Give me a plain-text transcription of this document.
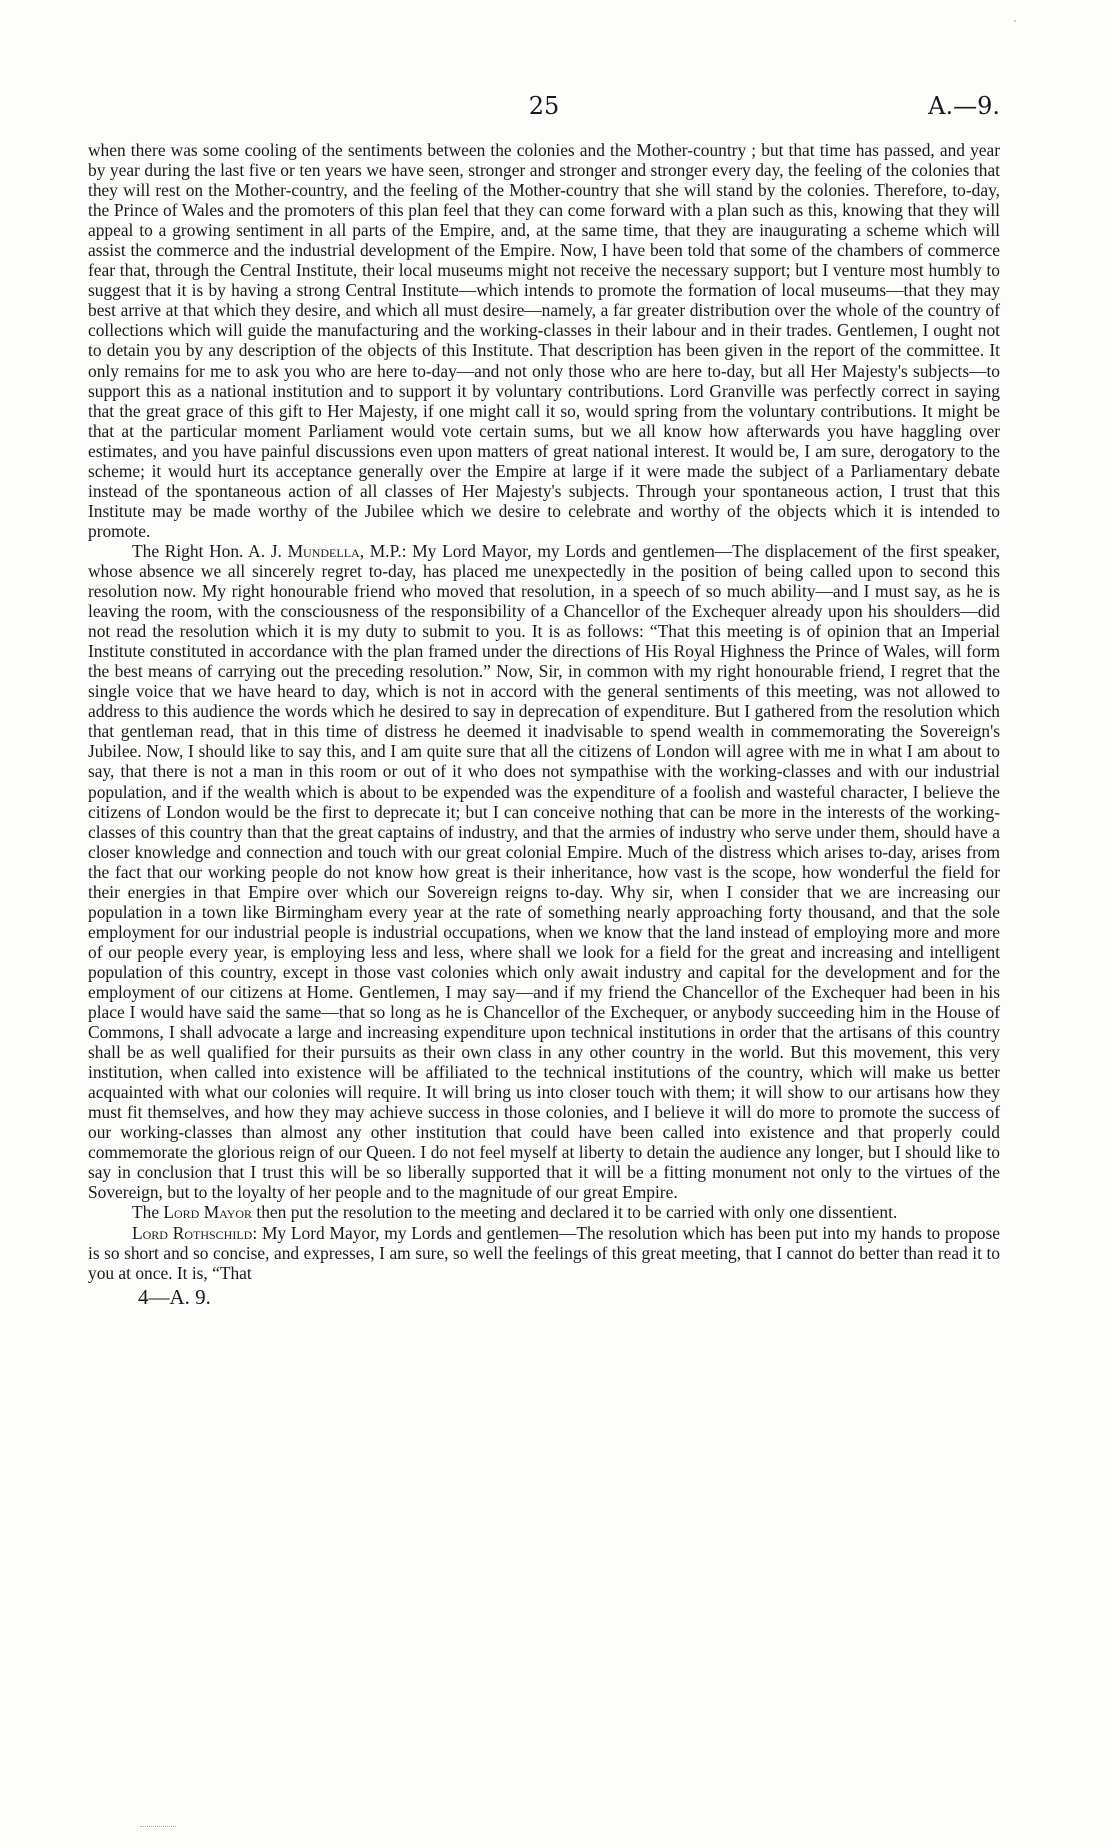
25	A.—9.

when there was some cooling of the sentiments between the colonies and the Mother-country ; but that time has passed, and year by year during the last five or ten years we have seen, stronger and stronger and stronger every day, the feeling of the colonies that they will rest on the Mother-country, and the feeling of the Mother-country that she will stand by the colonies. Therefore, to-day, the Prince of Wales and the promoters of this plan feel that they can come forward with a plan such as this, knowing that they will appeal to a growing sentiment in all parts of the Empire, and, at the same time, that they are inaugurating a scheme which will assist the commerce and the industrial development of the Empire. Now, I have been told that some of the chambers of commerce fear that, through the Central Institute, their local museums might not receive the necessary support; but I venture most humbly to suggest that it is by having a strong Central Institute—which intends to promote the formation of local museums—that they may best arrive at that which they desire, and which all must desire—namely, a far greater distribution over the whole of the country of collections which will guide the manufacturing and the working-classes in their labour and in their trades. Gentlemen, I ought not to detain you by any description of the objects of this Institute. That description has been given in the report of the committee. It only remains for me to ask you who are here to-day—and not only those who are here to-day, but all Her Majesty's subjects—to support this as a national institution and to support it by voluntary contributions. Lord Granville was perfectly correct in saying that the great grace of this gift to Her Majesty, if one might call it so, would spring from the voluntary contributions. It might be that at the particular moment Parliament would vote certain sums, but we all know how afterwards you have haggling over estimates, and you have painful discussions even upon matters of great national interest. It would be, I am sure, derogatory to the scheme; it would hurt its acceptance generally over the Empire at large if it were made the subject of a Parliamentary debate instead of the spontaneous action of all classes of Her Majesty's subjects. Through your spontaneous action, I trust that this Institute may be made worthy of the Jubilee which we desire to celebrate and worthy of the objects which it is intended to promote.

The Right Hon. A. J. Mundella, M.P.: My Lord Mayor, my Lords and gentlemen—The displacement of the first speaker, whose absence we all sincerely regret to-day, has placed me unexpectedly in the position of being called upon to second this resolution now. My right honourable friend who moved that resolution, in a speech of so much ability—and I must say, as he is leaving the room, with the consciousness of the responsibility of a Chancellor of the Exchequer already upon his shoulders—did not read the resolution which it is my duty to submit to you. It is as follows: “That this meeting is of opinion that an Imperial Institute constituted in accordance with the plan framed under the directions of His Royal Highness the Prince of Wales, will form the best means of carrying out the preceding resolution.” Now, Sir, in common with my right honourable friend, I regret that the single voice that we have heard to day, which is not in accord with the general sentiments of this meeting, was not allowed to address to this audience the words which he desired to say in deprecation of expenditure. But I gathered from the resolution which that gentleman read, that in this time of distress he deemed it inadvisable to spend wealth in commemorating the Sovereign's Jubilee. Now, I should like to say this, and I am quite sure that all the citizens of London will agree with me in what I am about to say, that there is not a man in this room or out of it who does not sympathise with the working-classes and with our industrial population, and if the wealth which is about to be expended was the expenditure of a foolish and wasteful character, I believe the citizens of London would be the first to deprecate it; but I can conceive nothing that can be more in the interests of the working-classes of this country than that the great captains of industry, and that the armies of industry who serve under them, should have a closer knowledge and connection and touch with our great colonial Empire. Much of the distress which arises to-day, arises from the fact that our working people do not know how great is their inheritance, how vast is the scope, how wonderful the field for their energies in that Empire over which our Sovereign reigns to-day. Why sir, when I consider that we are increasing our population in a town like Birmingham every year at the rate of something nearly approaching forty thousand, and that the sole employment for our industrial people is industrial occupations, when we know that the land instead of employing more and more of our people every year, is employing less and less, where shall we look for a field for the great and increasing and intelligent population of this country, except in those vast colonies which only await industry and capital for the development and for the employment of our citizens at Home. Gentlemen, I may say—and if my friend the Chancellor of the Exchequer had been in his place I would have said the same—that so long as he is Chancellor of the Exchequer, or anybody succeeding him in the House of Commons, I shall advocate a large and increasing expenditure upon technical institutions in order that the artisans of this country shall be as well qualified for their pursuits as their own class in any other country in the world. But this movement, this very institution, when called into existence will be affiliated to the technical institutions of the country, which will make us better acquainted with what our colonies will require. It will bring us into closer touch with them; it will show to our artisans how they must fit themselves, and how they may achieve success in those colonies, and I believe it will do more to promote the success of our working-classes than almost any other institution that could have been called into existence and that properly could commemorate the glorious reign of our Queen. I do not feel myself at liberty to detain the audience any longer, but I should like to say in conclusion that I trust this will be so liberally supported that it will be a fitting monument not only to the virtues of the Sovereign, but to the loyalty of her people and to the magnitude of our great Empire.

The Lord Mayor then put the resolution to the meeting and declared it to be carried with only one dissentient.

Lord Rothschild: My Lord Mayor, my Lords and gentlemen—The resolution which has been put into my hands to propose is so short and so concise, and expresses, I am sure, so well the feelings of this great meeting, that I cannot do better than read it to you at once. It is, “That

4—A. 9.
